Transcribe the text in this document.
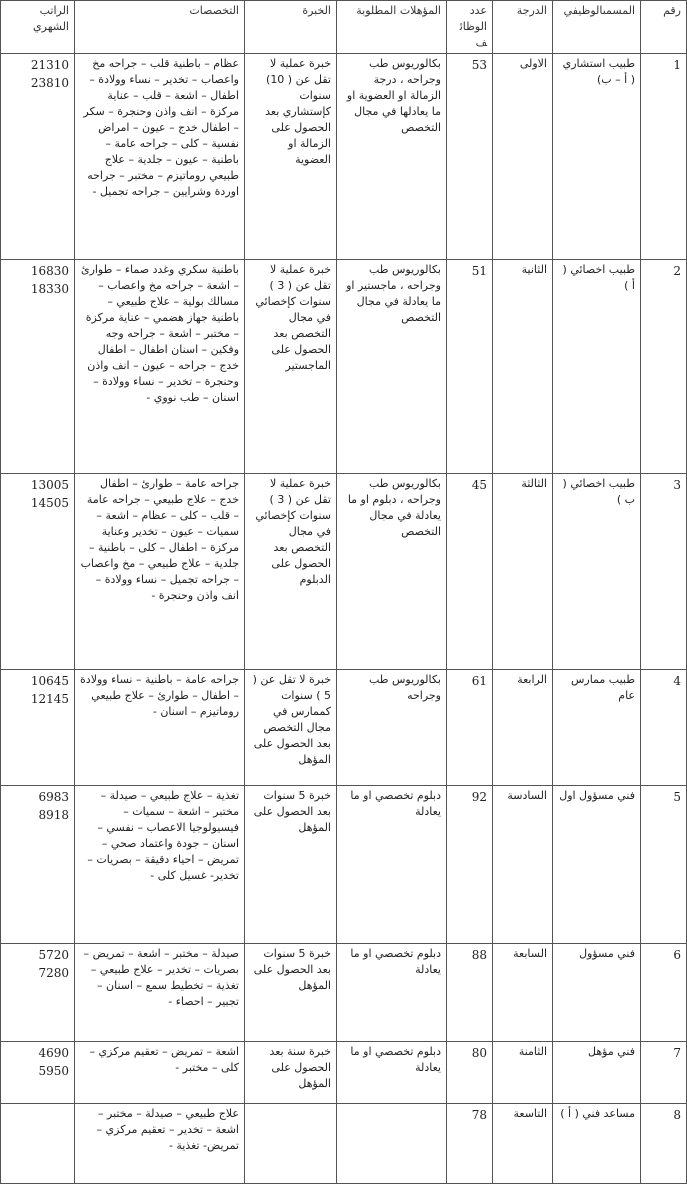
رقم	المسمىالوظيفي	الدرجة	عدد الوظائف	المؤهلات المطلوبة	الخبرة	التخصصات	الراتب الشهري
1	طبيب استشاري ( أ – ب)	الاولى	53	بكالوريوس طب وجراحه ، درجة الزمالة او العضوية او ما يعادلها في مجال التخصص	خبرة عملية لا تقل عن ( 10) سنوات كإستشاري بعد الحصول على الزمالة او العضوية	عظام – باطنية قلب – جراحه مخ واعصاب – تخدير – نساء وولادة – اطفال – اشعة – قلب – عناية مركزة – انف واذن وحنجرة – سكر – اطفال خدج – عيون – امراض نفسية – كلى – جراحه عامة – باطنية – عيون – جلدية – علاج طبيعي روماتيزم – مختبر – جراحه اوردة وشرايين – جراحه تجميل -	21310
23810

2	طبيب اخصائي ( أ )	الثانية	51	بكالوريوس طب وجراحه ، ماجستير او ما يعادلة في مجال التخصص	خبرة عملية لا تقل عن ( 3 ) سنوات كإخصائي في مجال التخصص بعد الحصول على الماجستير	باطنية سكري وغدد صماء – طوارئ – اشعة – جراحه مخ واعصاب – مسالك بولية – علاج طبيعي – باطنية جهاز هضمي – عناية مركزة – مختبر – اشعة – جراحه وجه وفكين – اسنان اطفال – اطفال خدج – جراحه – عيون – انف واذن وحنجرة – تخدير – نساء وولادة – اسنان – طب نووي -	16830
18330

3	طبيب اخصائي ( ب )	الثالثة	45	بكالوريوس طب وجراحه ، دبلوم او ما يعادلة في مجال التخصص	خبرة عملية لا تقل عن ( 3 ) سنوات كإخصائي في مجال التخصص بعد الحصول على الدبلوم	جراحه عامة – طوارئ – اطفال خدج – علاج طبيعي – جراحه عامة – قلب – كلى – عظام – اشعة – سميات – عيون – تخدير وعناية مركزة – اطفال – كلى – باطنية – جلدية – علاج طبيعي – مخ واعصاب – جراحه تجميل – نساء وولادة – انف واذن وحنجرة -	13005
14505

4	طبيب ممارس عام	الرابعة	61	بكالوريوس طب وجراحه	خبرة لا تقل عن ( 5 ) سنوات كممارس في مجال التخصص بعد الحصول على المؤهل	جراحه عامة – باطنية – نساء وولادة – اطفال – طوارئ – علاج طبيعي روماتيزم – اسنان -	10645
12145

5	فني مسؤول اول	السادسة	92	دبلوم تخصصي او ما يعادلة	خبرة 5 سنوات بعد الحصول على المؤهل	تغذية – علاج طبيعي – صيدلة – مختبر – اشعة – سميات – فيسيولوجيا الاعصاب – نفسي – اسنان – جودة واعتماد صحي – تمريض – احياء دقيقة – بصريات – تخدير- غسيل كلى -	6983
8918

6	فني مسؤول	السابعة	88	دبلوم تخصصي او ما يعادلة	خبرة 5 سنوات بعد الحصول على المؤهل	صيدلة – مختبر – اشعة – تمريض – بصريات – تخدير – علاج طبيعي – تغذية – تخطيط سمع – اسنان – تجبير – احصاء -	5720
7280

7	فني مؤهل	الثامنة	80	دبلوم تخصصي او ما يعادلة	خبرة سنة بعد الحصول على المؤهل	اشعة – تمريض – تعقيم مركزي – كلى – مختبر -	4690
5950

8	مساعد فني ( أ )	التاسعة	78			علاج طبيعي – صيدلة – مختبر – اشعة – تخدير – تعقيم مركزي – تمريض- تغذية -	
